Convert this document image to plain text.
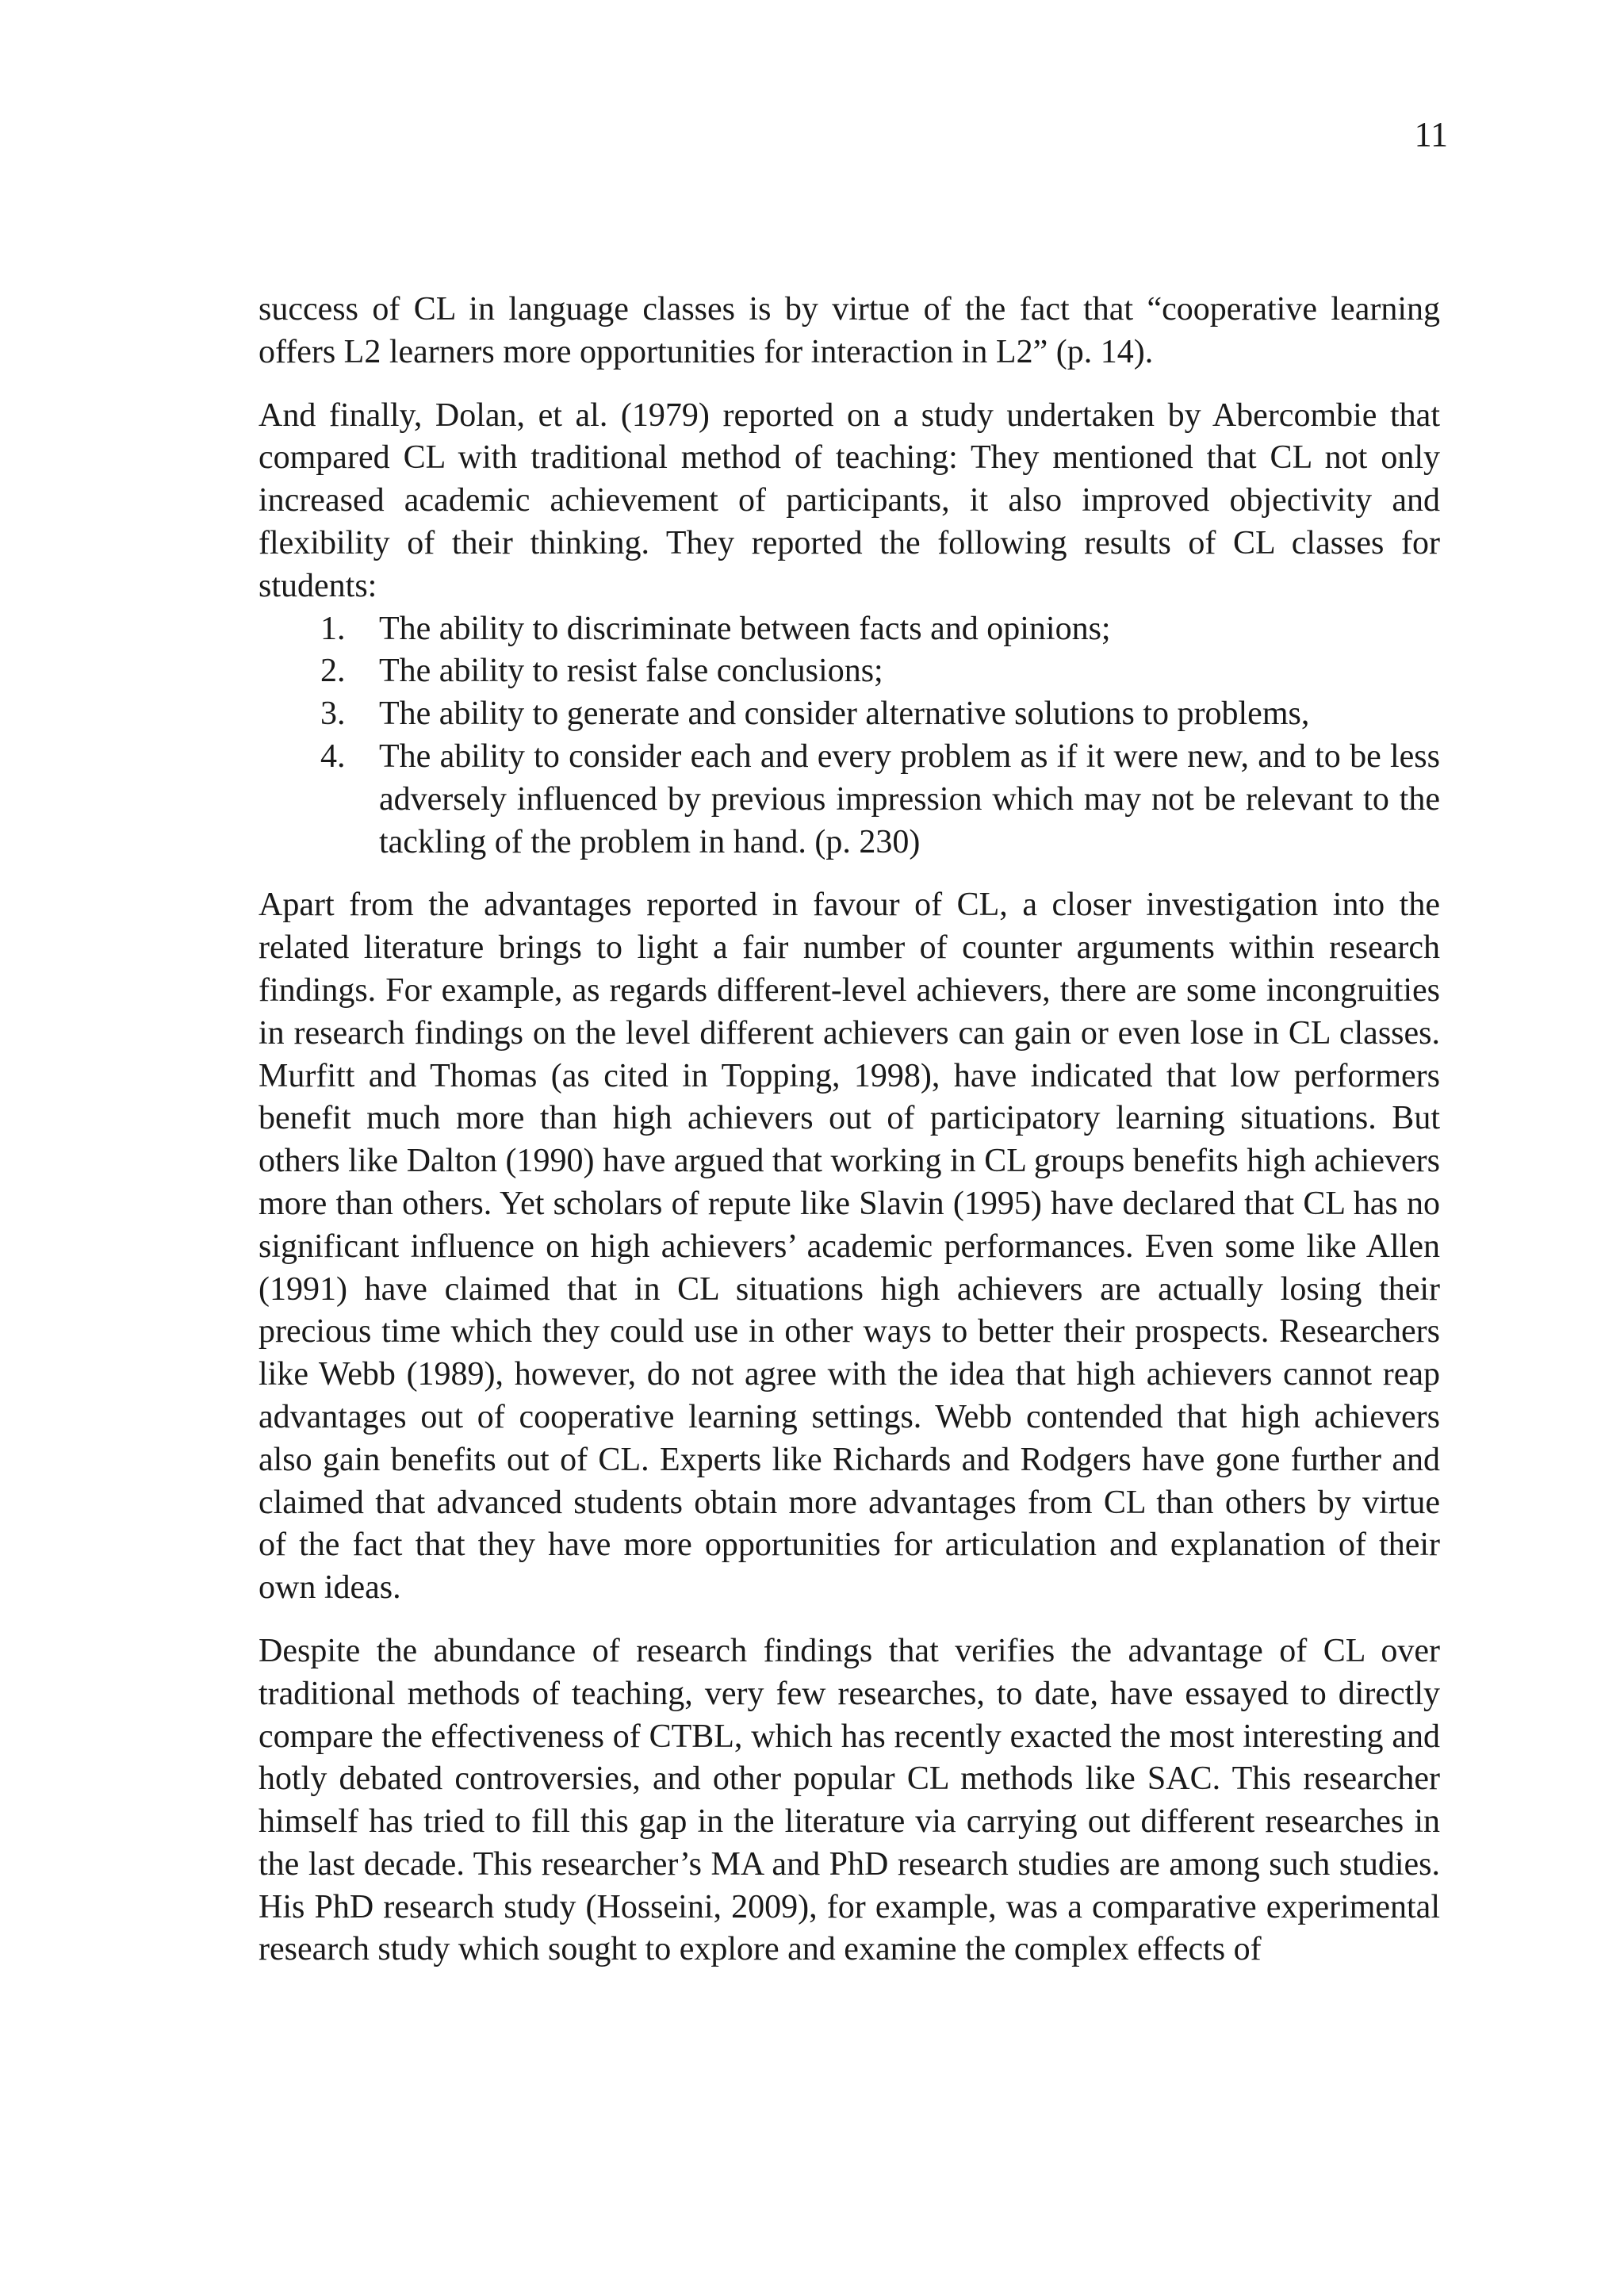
11

success of CL in language classes is by virtue of the fact that “cooperative learning offers L2 learners more opportunities for interaction in L2” (p. 14).

And finally, Dolan, et al. (1979) reported on a study undertaken by Abercombie that compared CL with traditional method of teaching: They mentioned that CL not only increased academic achievement of participants, it also improved objectivity and flexibility of their thinking. They reported the following results of CL classes for students:

1. The ability to discriminate between facts and opinions;
2. The ability to resist false conclusions;
3. The ability to generate and consider alternative solutions to problems,
4. The ability to consider each and every problem as if it were new, and to be less adversely influenced by previous impression which may not be relevant to the tackling of the problem in hand. (p. 230)

Apart from the advantages reported in favour of CL, a closer investigation into the related literature brings to light a fair number of counter arguments within research findings. For example, as regards different-level achievers, there are some incongruities in research findings on the level different achievers can gain or even lose in CL classes. Murfitt and Thomas (as cited in Topping, 1998), have indicated that low performers benefit much more than high achievers out of participatory learning situations. But others like Dalton (1990) have argued that working in CL groups benefits high achievers more than others. Yet scholars of repute like Slavin (1995) have declared that CL has no significant influence on high achievers’ academic performances. Even some like Allen (1991) have claimed that in CL situations high achievers are actually losing their precious time which they could use in other ways to better their prospects. Researchers like Webb (1989), however, do not agree with the idea that high achievers cannot reap advantages out of cooperative learning settings. Webb contended that high achievers also gain benefits out of CL. Experts like Richards and Rodgers have gone further and claimed that advanced students obtain more advantages from CL than others by virtue of the fact that they have more opportunities for articulation and explanation of their own ideas.

Despite the abundance of research findings that verifies the advantage of CL over traditional methods of teaching, very few researches, to date, have essayed to directly compare the effectiveness of CTBL, which has recently exacted the most interesting and hotly debated controversies, and other popular CL methods like SAC. This researcher himself has tried to fill this gap in the literature via carrying out different researches in the last decade. This researcher’s MA and PhD research studies are among such studies. His PhD research study (Hosseini, 2009), for example, was a comparative experimental research study which sought to explore and examine the complex effects of
